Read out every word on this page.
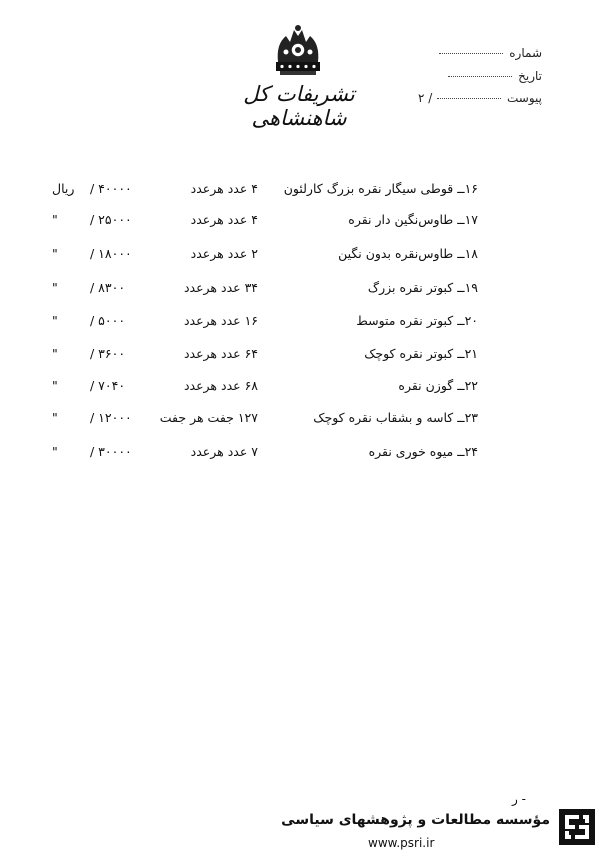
تشریفات کل شاهنشاهی
شماره
تاریخ
پیوست
۲ /
۱۶ــ قوطی سیگار نقره بزرگ کارلئون
۴ عدد هرعدد
/ ۴۰۰۰۰
ریال
۱۷ــ طاوس‌نگین دار نقره
۴ عدد هرعدد
/ ۲۵۰۰۰
"
۱۸ــ طاوس‌نقره بدون نگین
۲ عدد هرعدد
/ ۱۸۰۰۰
"
۱۹ــ کبوتر نقره بزرگ
۳۴ عدد هرعدد
/ ۸۳۰۰
"
۲۰ــ کبوتر نقره متوسط
۱۶ عدد هرعدد
/ ۵۰۰۰
"
۲۱ــ کبوتر نقره کوچک
۶۴ عدد هرعدد
/ ۳۶۰۰
"
۲۲ــ گوزن نقره
۶۸ عدد هرعدد
/ ۷۰۴۰
"
۲۳ــ کاسه و بشقاب نقره کوچک
۱۲۷ جفت هر جفت
/ ۱۲۰۰۰
"
۲۴ــ میوه خوری نقره
۷ عدد هرعدد
/ ۳۰۰۰۰
"
ر -
مؤسسه مطالعات و پژوهشهای سیاسی
www.psri.ir
